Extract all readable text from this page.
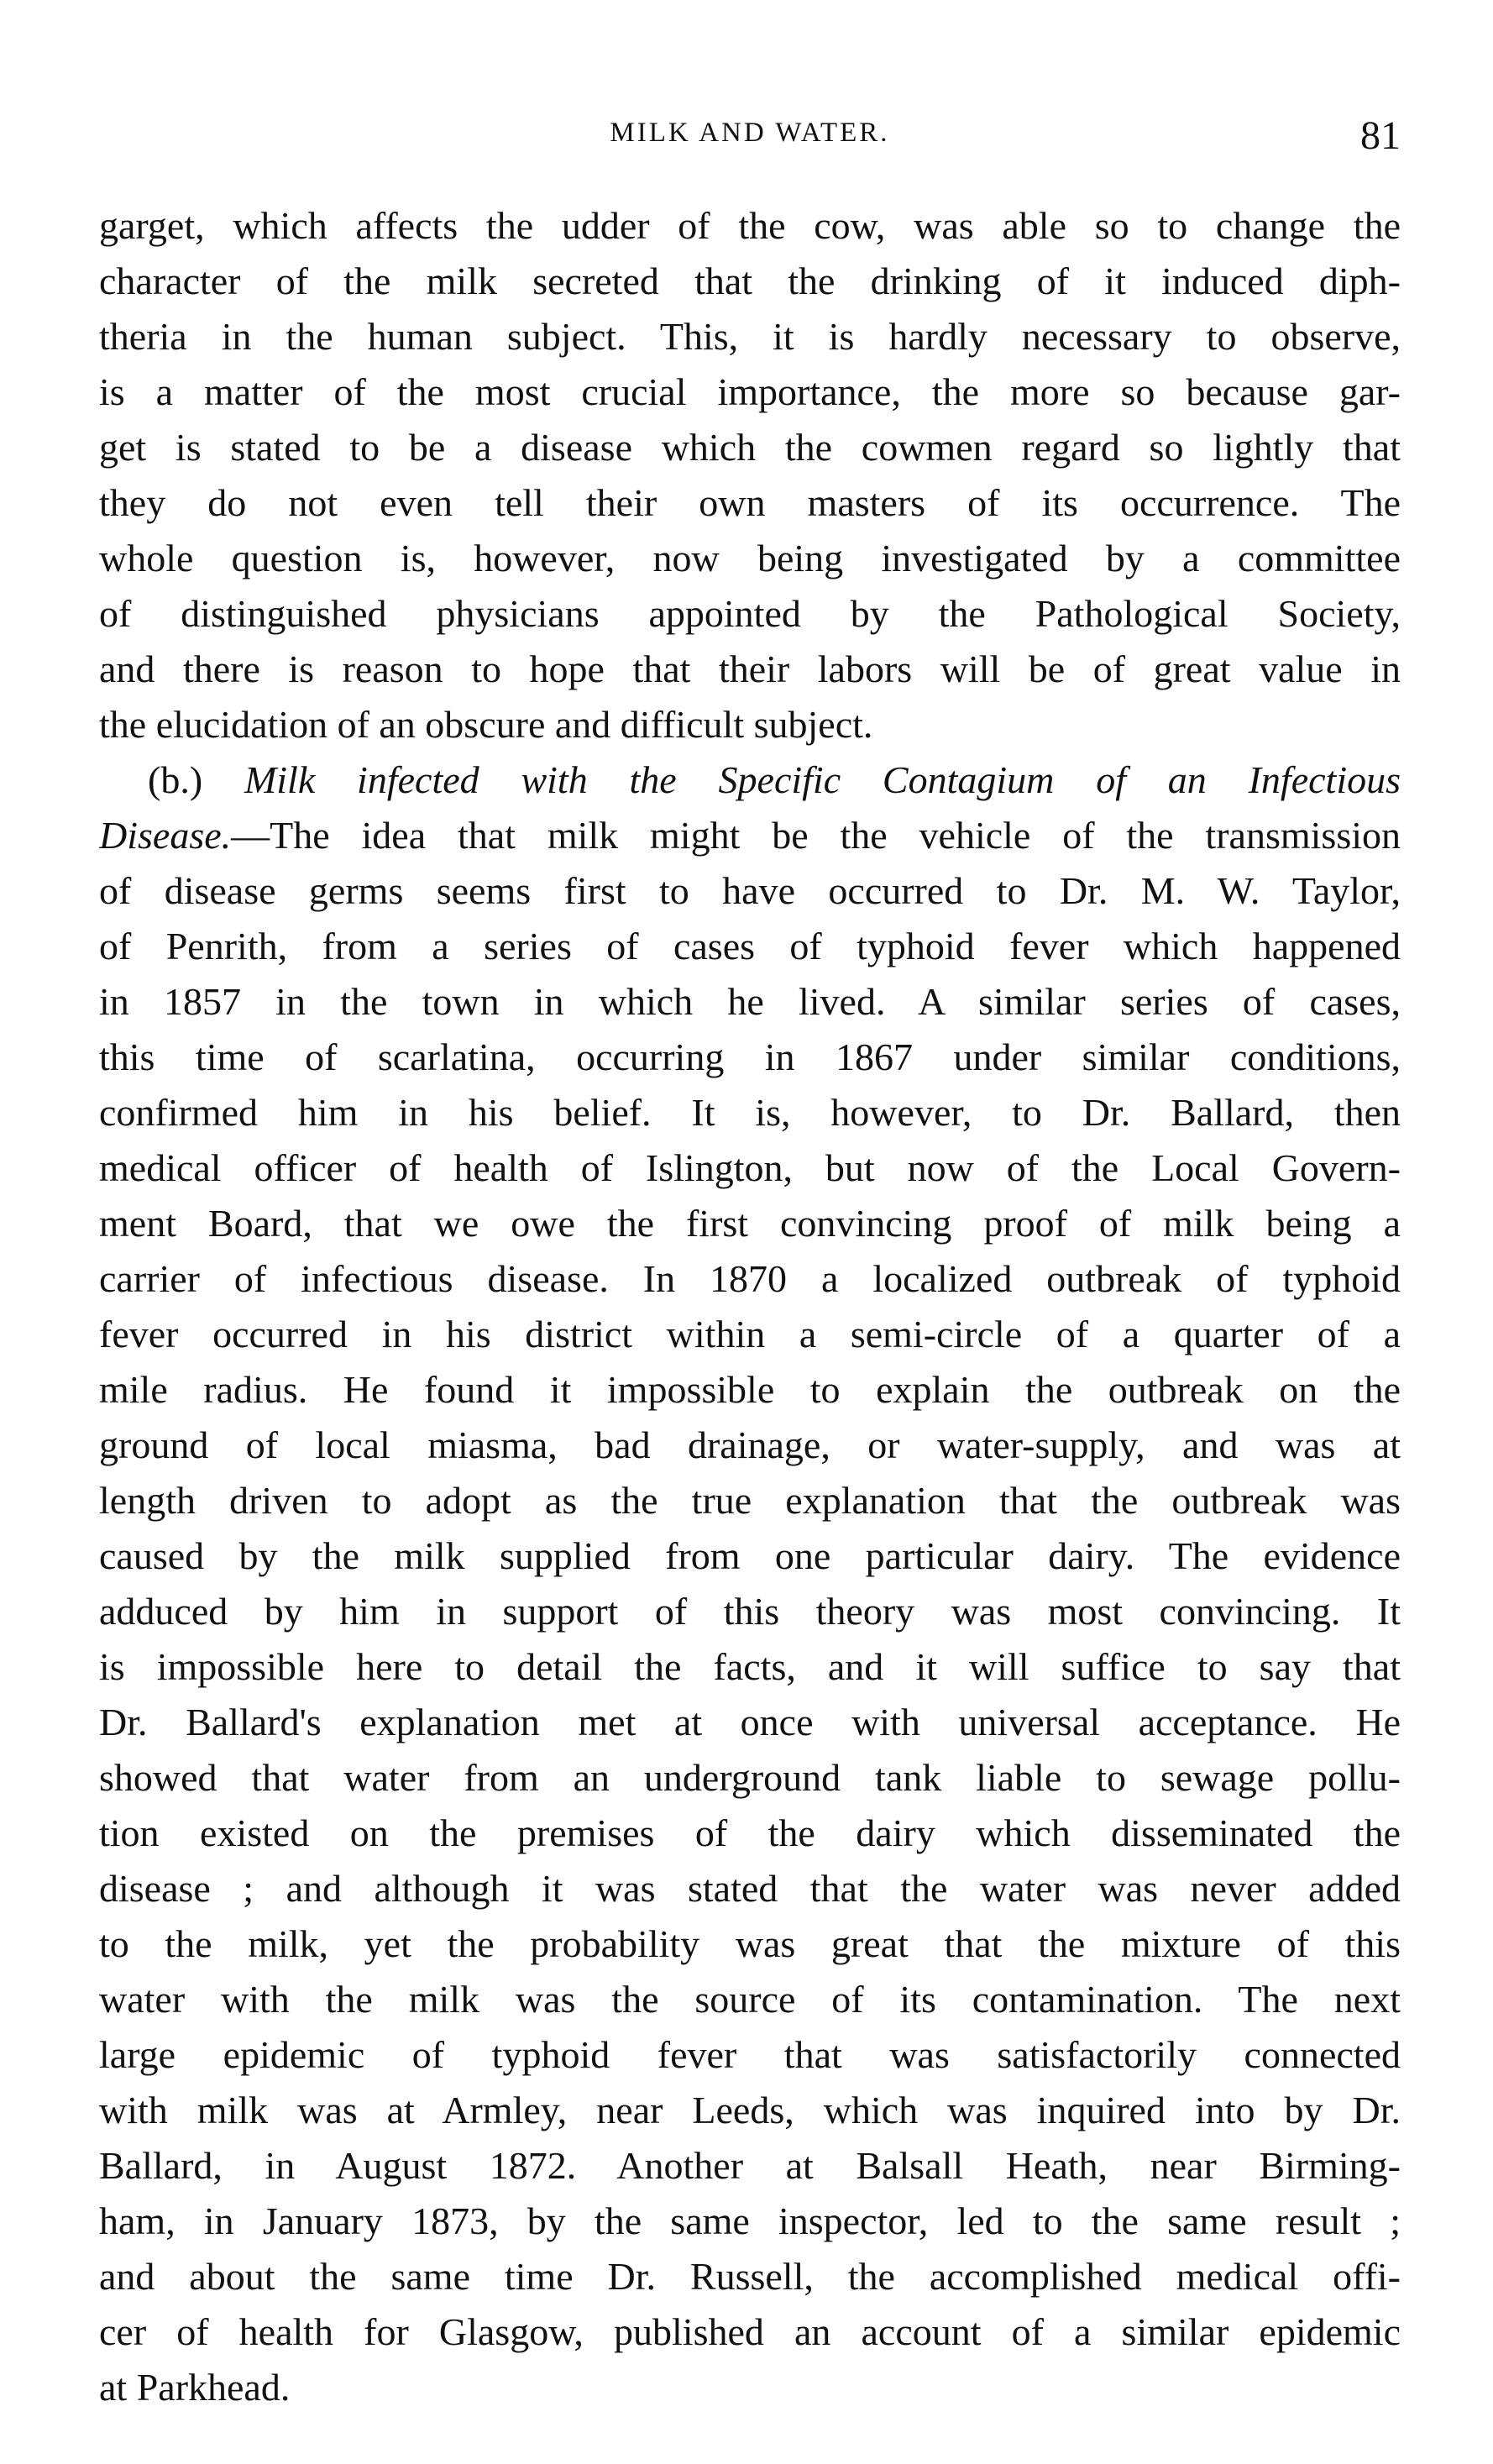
MILK AND WATER.	81
garget, which affects the udder of the cow, was able so to change the
character of the milk secreted that the drinking of it induced diph-
theria in the human subject. This, it is hardly necessary to observe,
is a matter of the most crucial importance, the more so because gar-
get is stated to be a disease which the cowmen regard so lightly that
they do not even tell their own masters of its occurrence. The
whole question is, however, now being investigated by a committee
of distinguished physicians appointed by the Pathological Society,
and there is reason to hope that their labors will be of great value in
the elucidation of an obscure and difficult subject.
(b.) Milk infected with the Specific Contagium of an Infectious
Disease.—The idea that milk might be the vehicle of the transmission
of disease germs seems first to have occurred to Dr. M. W. Taylor,
of Penrith, from a series of cases of typhoid fever which happened
in 1857 in the town in which he lived. A similar series of cases,
this time of scarlatina, occurring in 1867 under similar conditions,
confirmed him in his belief. It is, however, to Dr. Ballard, then
medical officer of health of Islington, but now of the Local Govern-
ment Board, that we owe the first convincing proof of milk being a
carrier of infectious disease. In 1870 a localized outbreak of typhoid
fever occurred in his district within a semi-circle of a quarter of a
mile radius. He found it impossible to explain the outbreak on the
ground of local miasma, bad drainage, or water-supply, and was at
length driven to adopt as the true explanation that the outbreak was
caused by the milk supplied from one particular dairy. The evidence
adduced by him in support of this theory was most convincing. It
is impossible here to detail the facts, and it will suffice to say that
Dr. Ballard's explanation met at once with universal acceptance. He
showed that water from an underground tank liable to sewage pollu-
tion existed on the premises of the dairy which disseminated the
disease ; and although it was stated that the water was never added
to the milk, yet the probability was great that the mixture of this
water with the milk was the source of its contamination. The next
large epidemic of typhoid fever that was satisfactorily connected
with milk was at Armley, near Leeds, which was inquired into by Dr.
Ballard, in August 1872. Another at Balsall Heath, near Birming-
ham, in January 1873, by the same inspector, led to the same result ;
and about the same time Dr. Russell, the accomplished medical offi-
cer of health for Glasgow, published an account of a similar epidemic
at Parkhead.
